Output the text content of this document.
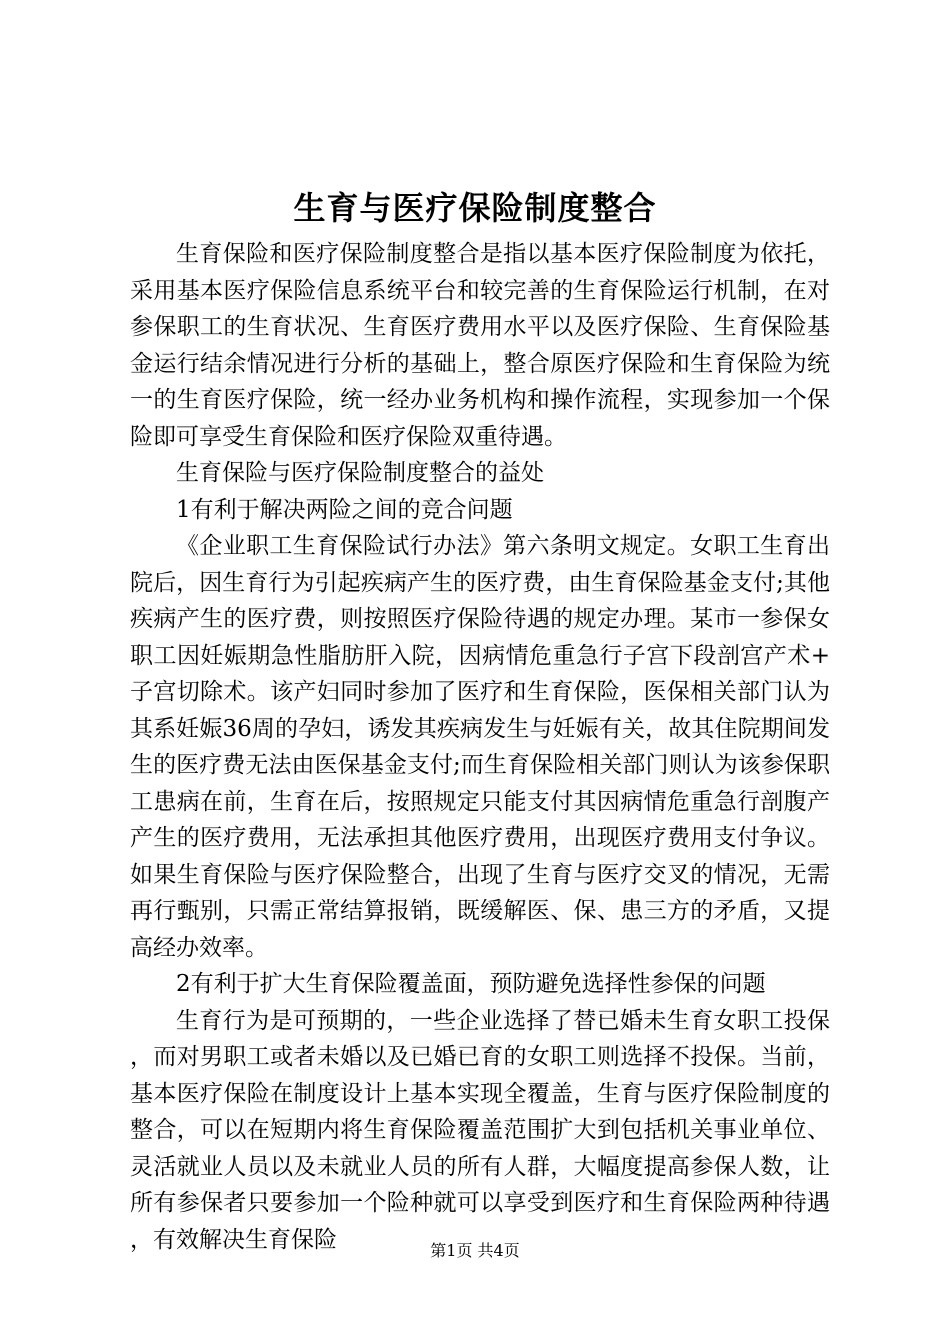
生育与医疗保险制度整合

生育保险和医疗保险制度整合是指以基本医疗保险制度为依托，采用基本医疗保险信息系统平台和较完善的生育保险运行机制，在对参保职工的生育状况、生育医疗费用水平以及医疗保险、生育保险基金运行结余情况进行分析的基础上，整合原医疗保险和生育保险为统一的生育医疗保险，统一经办业务机构和操作流程，实现参加一个保险即可享受生育保险和医疗保险双重待遇。

生育保险与医疗保险制度整合的益处

1有利于解决两险之间的竞合问题

《企业职工生育保险试行办法》第六条明文规定。女职工生育出院后，因生育行为引起疾病产生的医疗费，由生育保险基金支付;其他疾病产生的医疗费，则按照医疗保险待遇的规定办理。某市一参保女职工因妊娠期急性脂肪肝入院，因病情危重急行子宫下段剖宫产术+子宫切除术。该产妇同时参加了医疗和生育保险，医保相关部门认为其系妊娠36周的孕妇，诱发其疾病发生与妊娠有关，故其住院期间发生的医疗费无法由医保基金支付;而生育保险相关部门则认为该参保职工患病在前，生育在后，按照规定只能支付其因病情危重急行剖腹产产生的医疗费用，无法承担其他医疗费用，出现医疗费用支付争议。如果生育保险与医疗保险整合，出现了生育与医疗交叉的情况，无需再行甄别，只需正常结算报销，既缓解医、保、患三方的矛盾，又提高经办效率。

2有利于扩大生育保险覆盖面，预防避免选择性参保的问题

生育行为是可预期的，一些企业选择了替已婚未生育女职工投保，而对男职工或者未婚以及已婚已育的女职工则选择不投保。当前，基本医疗保险在制度设计上基本实现全覆盖，生育与医疗保险制度的整合，可以在短期内将生育保险覆盖范围扩大到包括机关事业单位、灵活就业人员以及未就业人员的所有人群，大幅度提高参保人数，让所有参保者只要参加一个险种就可以享受到医疗和生育保险两种待遇，有效解决生育保险	第1页 共4页
